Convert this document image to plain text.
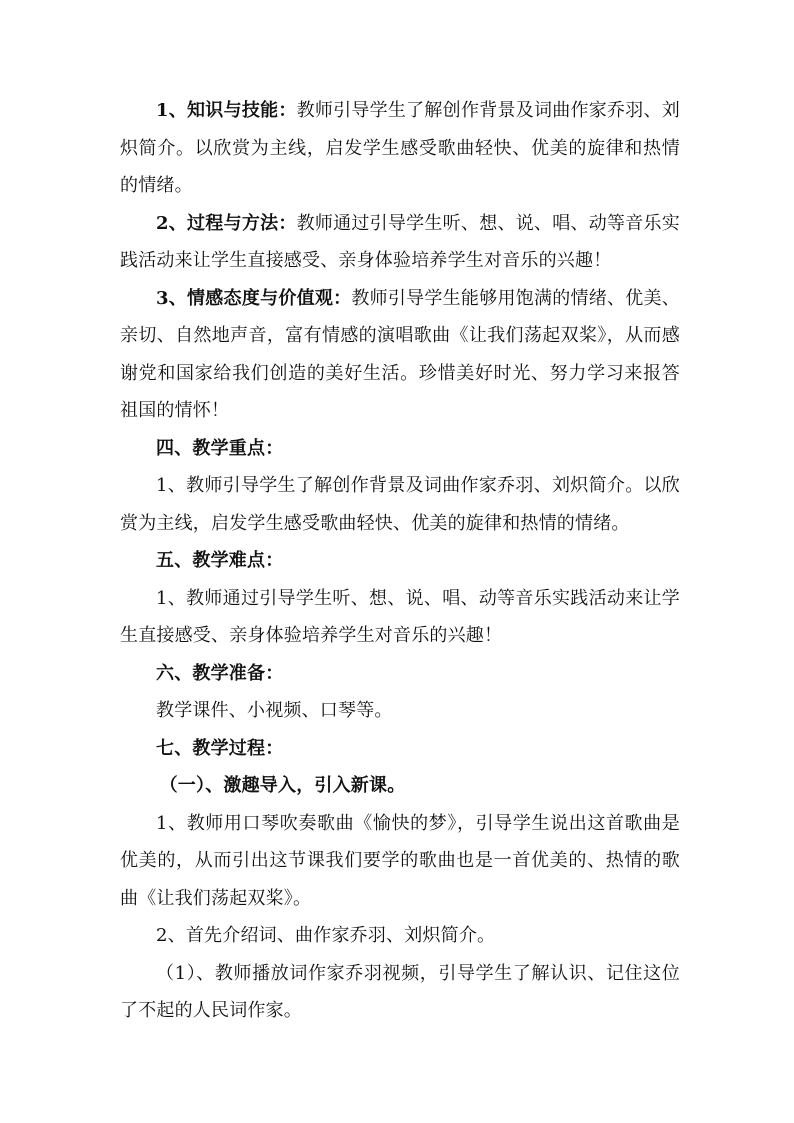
1、知识与技能：教师引导学生了解创作背景及词曲作家乔羽、刘炽简介。以欣赏为主线，启发学生感受歌曲轻快、优美的旋律和热情的情绪。

2、过程与方法：教师通过引导学生听、想、说、唱、动等音乐实践活动来让学生直接感受、亲身体验培养学生对音乐的兴趣！

3、情感态度与价值观：教师引导学生能够用饱满的情绪、优美、亲切、自然地声音，富有情感的演唱歌曲《让我们荡起双桨》，从而感谢党和国家给我们创造的美好生活。珍惜美好时光、努力学习来报答祖国的情怀！

四、教学重点：

1、教师引导学生了解创作背景及词曲作家乔羽、刘炽简介。以欣赏为主线，启发学生感受歌曲轻快、优美的旋律和热情的情绪。

五、教学难点：

1、教师通过引导学生听、想、说、唱、动等音乐实践活动来让学生直接感受、亲身体验培养学生对音乐的兴趣！

六、教学准备：

教学课件、小视频、口琴等。

七、教学过程：

（一）、激趣导入，引入新课。

1、教师用口琴吹奏歌曲《愉快的梦》，引导学生说出这首歌曲是优美的，从而引出这节课我们要学的歌曲也是一首优美的、热情的歌曲《让我们荡起双桨》。

2、首先介绍词、曲作家乔羽、刘炽简介。

（1）、教师播放词作家乔羽视频，引导学生了解认识、记住这位了不起的人民词作家。
